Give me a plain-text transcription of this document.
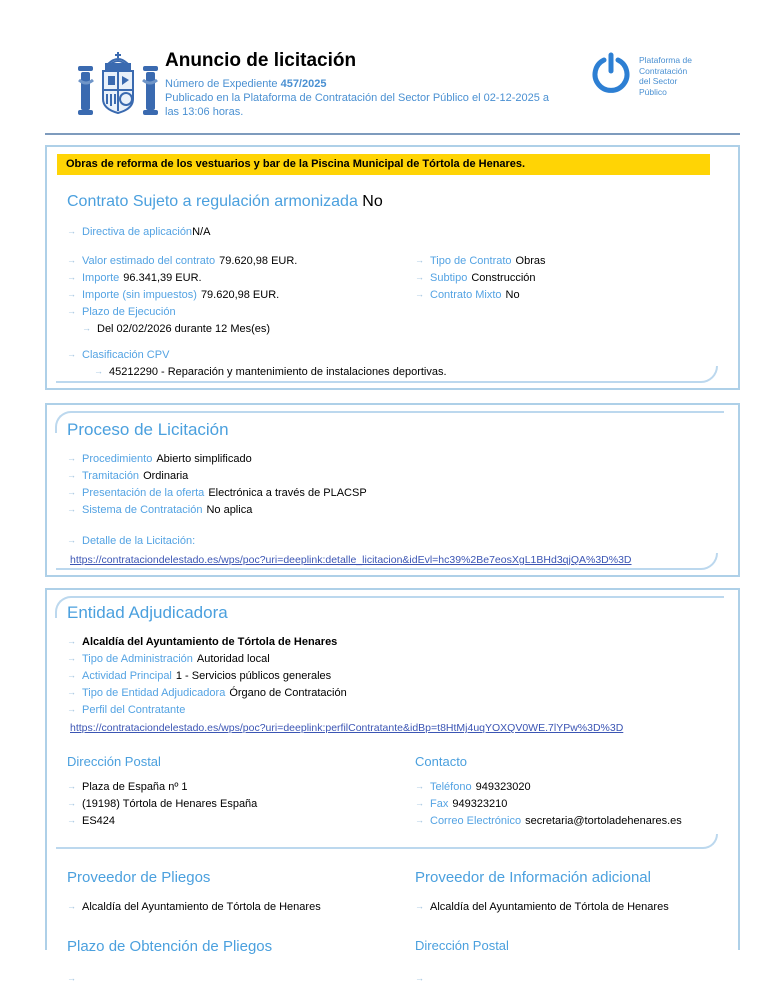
Anuncio de licitación
Número de Expediente 457/2025
Publicado en la Plataforma de Contratación del Sector Público el 02-12-2025 a
las 13:06 horas.
Plataforma de
Contratación
del Sector
Público
Obras de reforma de los vestuarios y bar de la Piscina Municipal de Tórtola de Henares.
Contrato Sujeto a regulación armonizada No
→ Directiva de aplicaciónN/A
→ Valor estimado del contrato 79.620,98 EUR.
→ Importe 96.341,39 EUR.
→ Importe (sin impuestos) 79.620,98 EUR.
→ Plazo de Ejecución
→ Del 02/02/2026 durante 12 Mes(es)
→ Tipo de Contrato Obras
→ Subtipo Construcción
→ Contrato Mixto No
→ Clasificación CPV
→ 45212290 - Reparación y mantenimiento de instalaciones deportivas.
Proceso de Licitación
→ Procedimiento Abierto simplificado
→ Tramitación Ordinaria
→ Presentación de la oferta Electrónica a través de PLACSP
→ Sistema de Contratación No aplica
→ Detalle de la Licitación:
https://contrataciondelestado.es/wps/poc?uri=deeplink:detalle_licitacion&idEvl=hc39%2Be7eosXgL1BHd3qjQA%3D%3D
Entidad Adjudicadora
→ Alcaldía del Ayuntamiento de Tórtola de Henares
→ Tipo de Administración Autoridad local
→ Actividad Principal 1 - Servicios públicos generales
→ Tipo de Entidad Adjudicadora Órgano de Contratación
→ Perfil del Contratante
https://contrataciondelestado.es/wps/poc?uri=deeplink:perfilContratante&idBp=t8HtMj4uqYOXQV0WE.7lYPw%3D%3D
Dirección Postal	Contacto
→ Plaza de España nº 1
→ (19198) Tórtola de Henares España
→ ES424
→ Teléfono 949323020
→ Fax 949323210
→ Correo Electrónico secretaria@tortoladehenares.es
Proveedor de Pliegos	Proveedor de Información adicional
→ Alcaldía del Ayuntamiento de Tórtola de Henares	→ Alcaldía del Ayuntamiento de Tórtola de Henares
Plazo de Obtención de Pliegos	Dirección Postal
→	→
